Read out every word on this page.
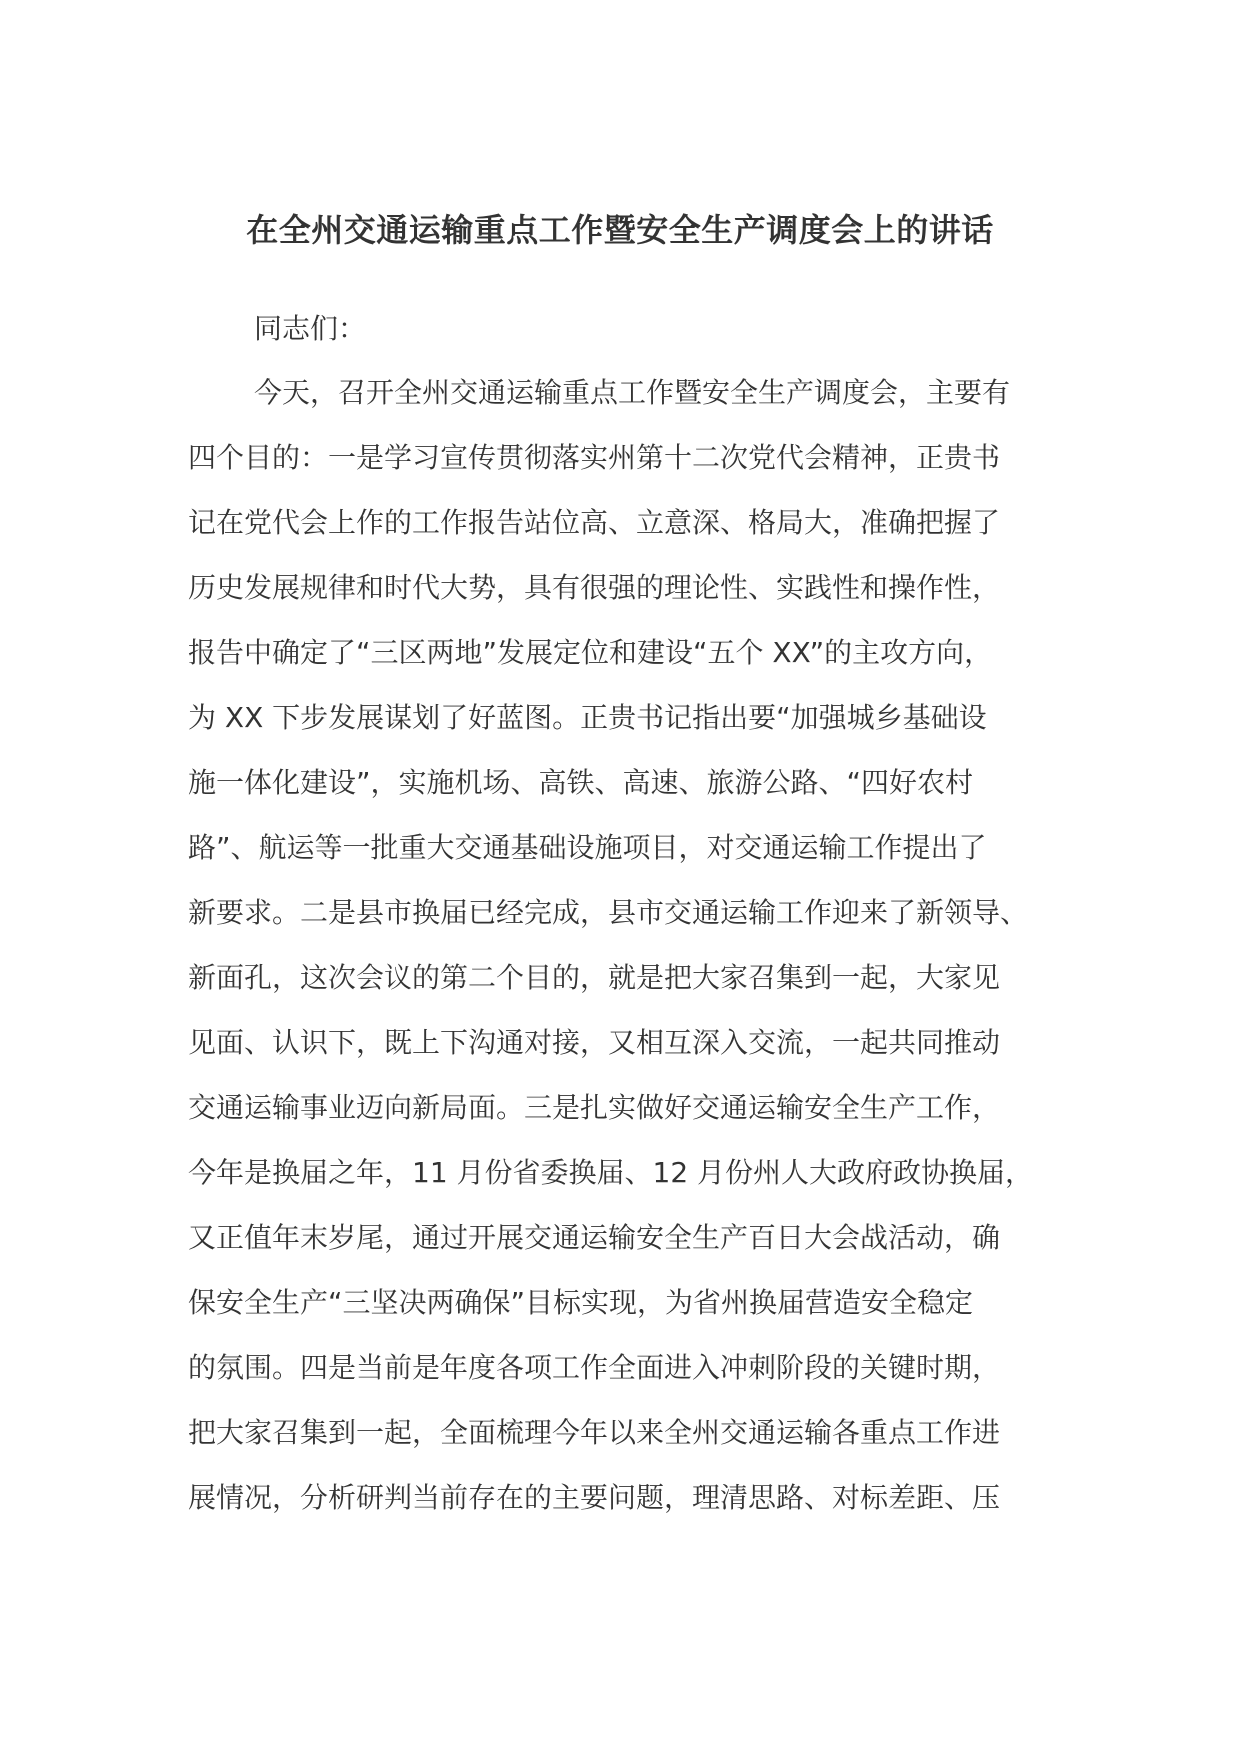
在全州交通运输重点工作暨安全生产调度会上的讲话

同志们：

今天，召开全州交通运输重点工作暨安全生产调度会，主要有

四个目的：一是学习宣传贯彻落实州第十二次党代会精神，正贵书

记在党代会上作的工作报告站位高、立意深、格局大，准确把握了

历史发展规律和时代大势，具有很强的理论性、实践性和操作性，

报告中确定了“三区两地”发展定位和建设“五个 XX”的主攻方向，

为 XX 下步发展谋划了好蓝图。正贵书记指出要“加强城乡基础设

施一体化建设”，实施机场、高铁、高速、旅游公路、“四好农村

路”、航运等一批重大交通基础设施项目，对交通运输工作提出了

新要求。二是县市换届已经完成，县市交通运输工作迎来了新领导、

新面孔，这次会议的第二个目的，就是把大家召集到一起，大家见

见面、认识下，既上下沟通对接，又相互深入交流，一起共同推动

交通运输事业迈向新局面。三是扎实做好交通运输安全生产工作，

今年是换届之年，11 月份省委换届、12 月份州人大政府政协换届，

又正值年末岁尾，通过开展交通运输安全生产百日大会战活动，确

保安全生产“三坚决两确保”目标实现，为省州换届营造安全稳定

的氛围。四是当前是年度各项工作全面进入冲刺阶段的关键时期，

把大家召集到一起，全面梳理今年以来全州交通运输各重点工作进

展情况，分析研判当前存在的主要问题，理清思路、对标差距、压
